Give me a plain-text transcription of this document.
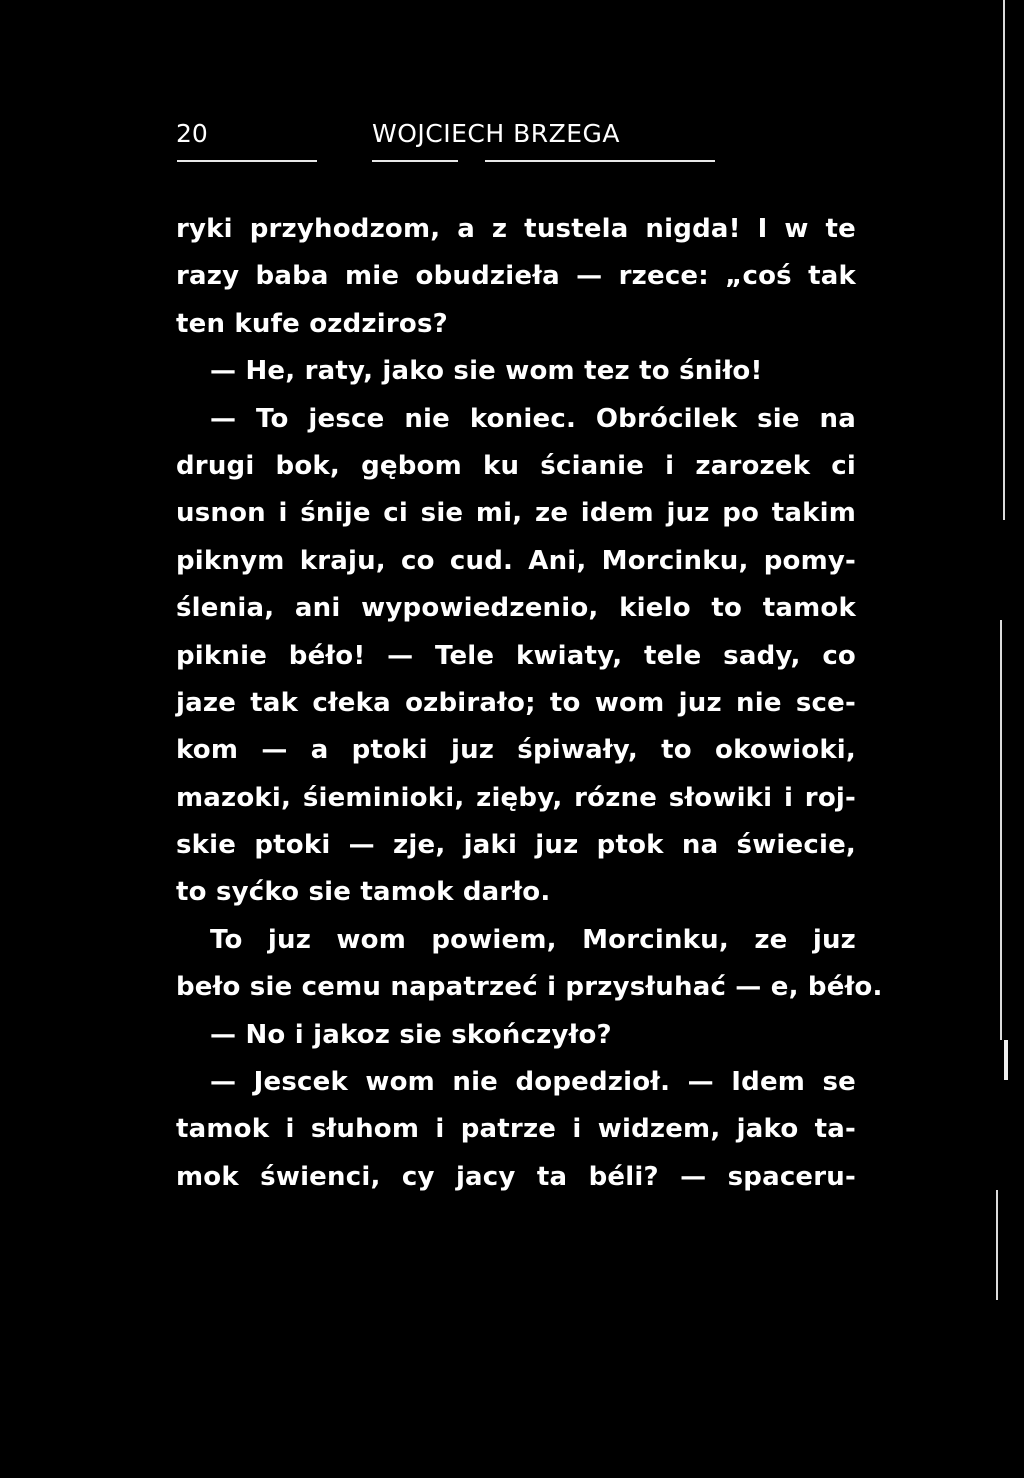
20	WOJCIECH BRZEGA
ryki przyhodzom, a z tustela nigda! I w te
razy baba mie obudzieła — rzece: „coś tak
ten kufe ozdziros?
— He, raty, jako sie wom tez to śniło!
— To jesce nie koniec. Obrócilek sie na
drugi bok, gębom ku ścianie i zarozek ci
usnon i śnije ci sie mi, ze idem juz po takim
piknym kraju, co cud. Ani, Morcinku, pomy-
ślenia, ani wypowiedzenio, kielo to tamok
piknie béło! — Tele kwiaty, tele sady, co
jaze tak cłeka ozbirało; to wom juz nie sce-
kom — a ptoki juz śpiwały, to okowioki,
mazoki, śieminioki, zięby, rózne słowiki i roj-
skie ptoki — zje, jaki juz ptok na świecie,
to syćko sie tamok darło.
To juz wom powiem, Morcinku, ze juz
beło sie cemu napatrzeć i przysłuhać — e, béło.
— No i jakoz sie skończyło?
— Jescek wom nie dopedzioł. — Idem se
tamok i słuhom i patrze i widzem, jako ta-
mok świenci, cy jacy ta béli? — spaceru-
